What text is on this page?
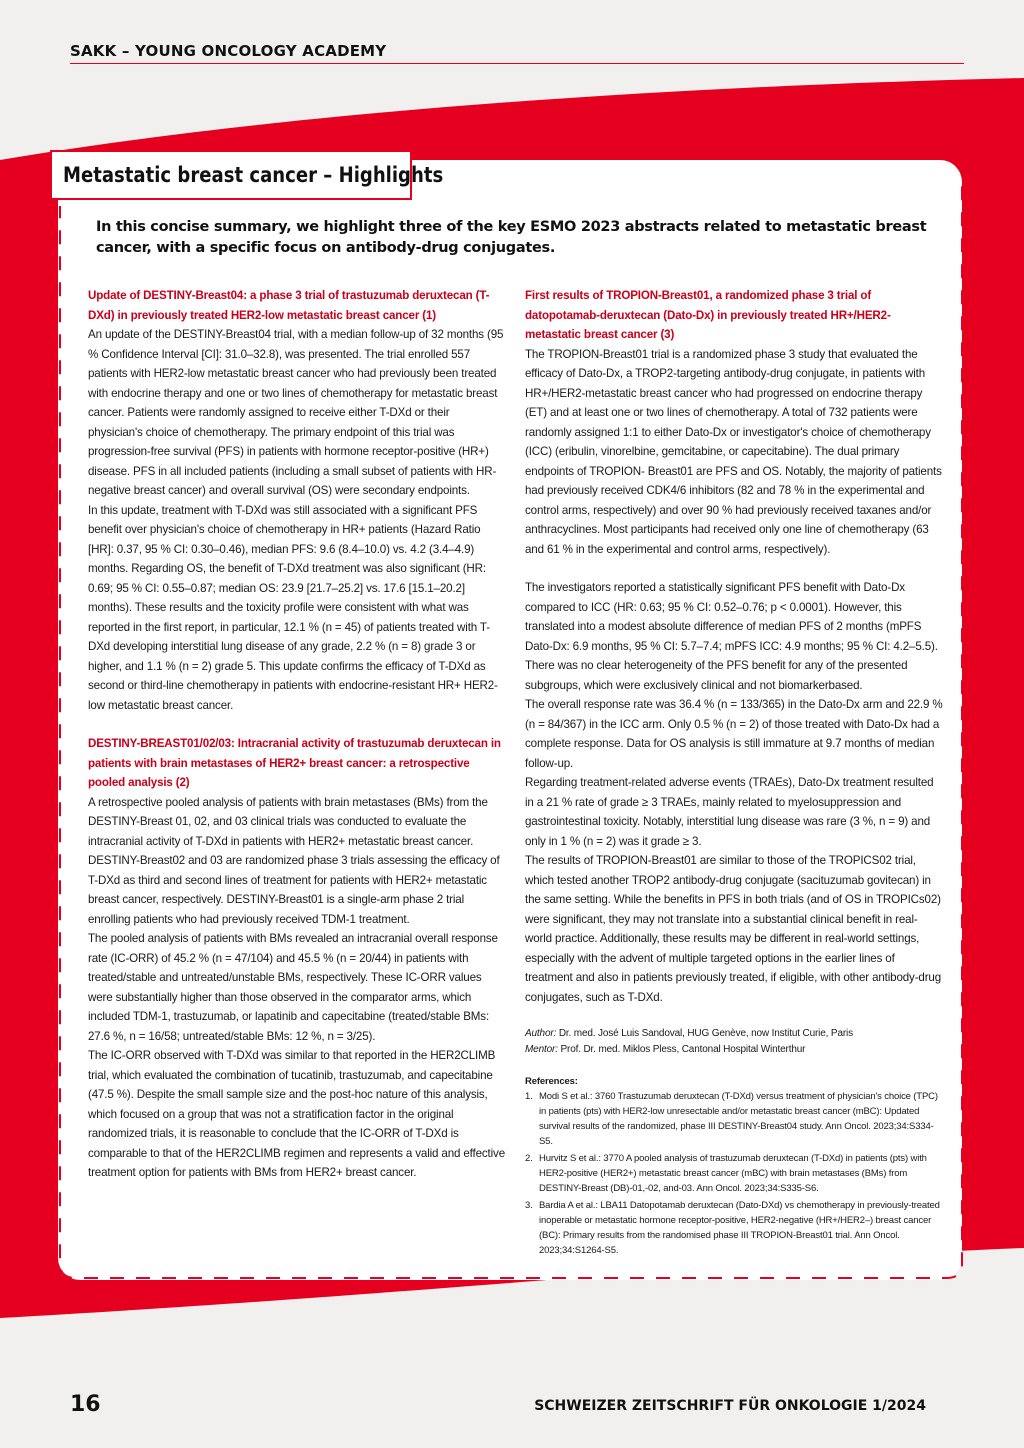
SAKK – YOUNG ONCOLOGY ACADEMY
Metastatic breast cancer – Highlights
In this concise summary, we highlight three of the key ESMO 2023 abstracts related to metastatic breast cancer, with a specific focus on antibody-drug conjugates.
Update of DESTINY-Breast04: a phase 3 trial of trastuzumab deruxtecan (T-DXd) in previously treated HER2-low metastatic breast cancer (1)

An update of the DESTINY-Breast04 trial, with a median follow-up of 32 months (95 % Confidence Interval [CI]: 31.0–32.8), was presented. The trial enrolled 557 patients with HER2-low metastatic breast cancer who had previously been treated with endocrine therapy and one or two lines of chemotherapy for metastatic breast cancer. Patients were randomly assigned to receive either T-DXd or their physician's choice of chemotherapy. The primary endpoint of this trial was progression-free survival (PFS) in patients with hormone receptor-positive (HR+) disease. PFS in all included patients (including a small subset of patients with HR-negative breast cancer) and overall survival (OS) were secondary endpoints.

In this update, treatment with T-DXd was still associated with a significant PFS benefit over physician's choice of chemotherapy in HR+ patients (Hazard Ratio [HR]: 0.37, 95 % CI: 0.30–0.46), median PFS: 9.6 (8.4–10.0) vs. 4.2 (3.4–4.9) months. Regarding OS, the benefit of T-DXd treatment was also significant (HR: 0.69; 95 % CI: 0.55–0.87; median OS: 23.9 [21.7–25.2] vs. 17.6 [15.1–20.2] months). These results and the toxicity profile were consistent with what was reported in the first report, in particular, 12.1 % (n = 45) of patients treated with T-DXd developing interstitial lung disease of any grade, 2.2 % (n = 8) grade 3 or higher, and 1.1 % (n = 2) grade 5. This update confirms the efficacy of T-DXd as second or third-line chemotherapy in patients with endocrine-resistant HR+ HER2-low metastatic breast cancer.

DESTINY-BREAST01/02/03: Intracranial activity of trastuzumab deruxtecan in patients with brain metastases of HER2+ breast cancer: a retrospective pooled analysis (2)

A retrospective pooled analysis of patients with brain metastases (BMs) from the DESTINY-Breast 01, 02, and 03 clinical trials was conducted to evaluate the intracranial activity of T-DXd in patients with HER2+ metastatic breast cancer. DESTINY-Breast02 and 03 are randomized phase 3 trials assessing the efficacy of T-DXd as third and second lines of treatment for patients with HER2+ metastatic breast cancer, respectively. DESTINY-Breast01 is a single-arm phase 2 trial enrolling patients who had previously received TDM-1 treatment.

The pooled analysis of patients with BMs revealed an intracranial overall response rate (IC-ORR) of 45.2 % (n = 47/104) and 45.5 % (n = 20/44) in patients with treated/stable and untreated/unstable BMs, respectively. These IC-ORR values were substantially higher than those observed in the comparator arms, which included TDM-1, trastuzumab, or lapatinib and capecitabine (treated/stable BMs: 27.6 %, n = 16/58; untreated/stable BMs: 12 %, n = 3/25).

The IC-ORR observed with T-DXd was similar to that reported in the HER2CLIMB trial, which evaluated the combination of tucatinib, trastuzumab, and capecitabine (47.5 %). Despite the small sample size and the post-hoc nature of this analysis, which focused on a group that was not a stratification factor in the original randomized trials, it is reasonable to conclude that the IC-ORR of T-DXd is comparable to that of the HER2CLIMB regimen and represents a valid and effective treatment option for patients with BMs from HER2+ breast cancer.

First results of TROPION-Breast01, a randomized phase 3 trial of datopotamab-deruxtecan (Dato-Dx) in previously treated HR+/HER2- metastatic breast cancer (3)

The TROPION-Breast01 trial is a randomized phase 3 study that evaluated the efficacy of Dato-Dx, a TROP2-targeting antibody-drug conjugate, in patients with HR+/HER2-metastatic breast cancer who had progressed on endocrine therapy (ET) and at least one or two lines of chemotherapy. A total of 732 patients were randomly assigned 1:1 to either Dato-Dx or investigator's choice of chemotherapy (ICC) (eribulin, vinorelbine, gemcitabine, or capecitabine). The dual primary endpoints of TROPION- Breast01 are PFS and OS. Notably, the majority of patients had previously received CDK4/6 inhibitors (82 and 78 % in the experimental and control arms, respectively) and over 90 % had previously received taxanes and/or anthracyclines. Most participants had received only one line of chemotherapy (63 and 61 % in the experimental and control arms, respectively).

The investigators reported a statistically significant PFS benefit with Dato-Dx compared to ICC (HR: 0.63; 95 % CI: 0.52–0.76; p < 0.0001). However, this translated into a modest absolute difference of median PFS of 2 months (mPFS Dato-Dx: 6.9 months, 95 % CI: 5.7–7.4; mPFS ICC: 4.9 months; 95 % CI: 4.2–5.5). There was no clear heterogeneity of the PFS benefit for any of the presented subgroups, which were exclusively clinical and not biomarkerbased.

The overall response rate was 36.4 % (n = 133/365) in the Dato-Dx arm and 22.9 % (n = 84/367) in the ICC arm. Only 0.5 % (n = 2) of those treated with Dato-Dx had a complete response. Data for OS analysis is still immature at 9.7 months of median follow-up.

Regarding treatment-related adverse events (TRAEs), Dato-Dx treatment resulted in a 21 % rate of grade ≥ 3 TRAEs, mainly related to myelosuppression and gastrointestinal toxicity. Notably, interstitial lung disease was rare (3 %, n = 9) and only in 1 % (n = 2) was it grade ≥ 3.

The results of TROPION-Breast01 are similar to those of the TROPICS02 trial, which tested another TROP2 antibody-drug conjugate (sacituzumab govitecan) in the same setting. While the benefits in PFS in both trials (and of OS in TROPICs02) were significant, they may not translate into a substantial clinical benefit in real-world practice. Additionally, these results may be different in real-world settings, especially with the advent of multiple targeted options in the earlier lines of treatment and also in patients previously treated, if eligible, with other antibody-drug conjugates, such as T-DXd.

Author: Dr. med. José Luis Sandoval, HUG Genève, now Institut Curie, Paris
Mentor: Prof. Dr. med. Miklos Pless, Cantonal Hospital Winterthur
References:
1. Modi S et al.: 3760 Trastuzumab deruxtecan (T-DXd) versus treatment of physician's choice (TPC) in patients (pts) with HER2-low unresectable and/or metastatic breast cancer (mBC): Updated survival results of the randomized, phase III DESTINY-Breast04 study. Ann Oncol. 2023;34:S334-S5.
2. Hurvitz S et al.: 3770 A pooled analysis of trastuzumab deruxtecan (T-DXd) in patients (pts) with HER2-positive (HER2+) metastatic breast cancer (mBC) with brain metastases (BMs) from DESTINY-Breast (DB)-01,-02, and-03. Ann Oncol. 2023;34:S335-S6.
3. Bardia A et al.: LBA11 Datopotamab deruxtecan (Dato-DXd) vs chemotherapy in previously-treated inoperable or metastatic hormone receptor-positive, HER2-negative (HR+/HER2–) breast cancer (BC): Primary results from the randomised phase III TROPION-Breast01 trial. Ann Oncol. 2023;34:S1264-S5.
16	SCHWEIZER ZEITSCHRIFT FÜR ONKOLOGIE 1/2024
